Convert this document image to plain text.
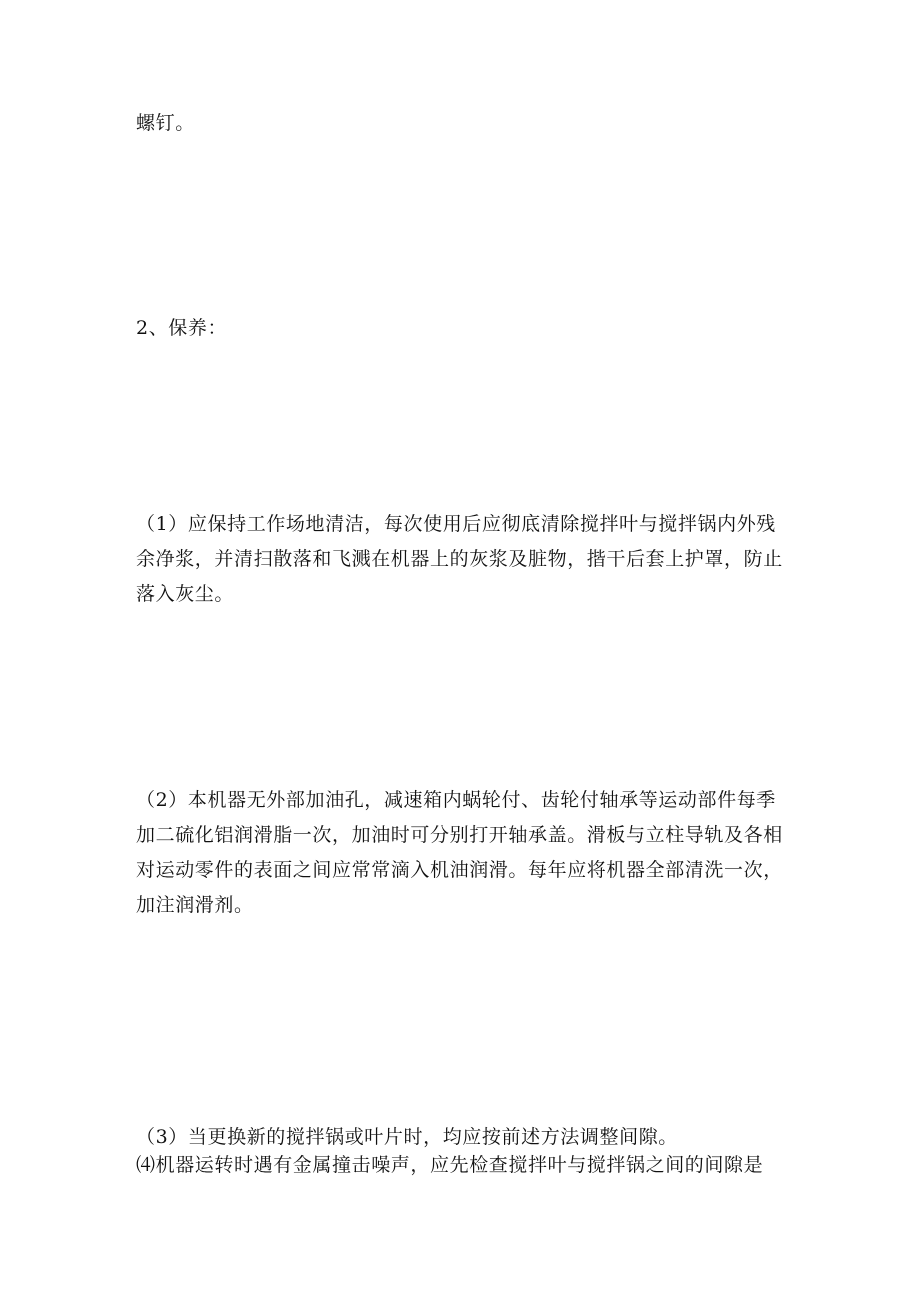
螺钉。

2、保养：

（1）应保持工作场地清洁，每次使用后应彻底清除搅拌叶与搅拌锅内外残
余净浆，并清扫散落和飞溅在机器上的灰浆及脏物，揩干后套上护罩，防止
落入灰尘。

（2）本机器无外部加油孔，减速箱内蜗轮付、齿轮付轴承等运动部件每季
加二硫化铝润滑脂一次，加油时可分别打开轴承盖。滑板与立柱导轨及各相
对运动零件的表面之间应常常滴入机油润滑。每年应将机器全部清洗一次，
加注润滑剂。

（3）当更换新的搅拌锅或叶片时，均应按前述方法调整间隙。

⑷机器运转时遇有金属撞击噪声，应先检查搅拌叶与搅拌锅之间的间隙是
